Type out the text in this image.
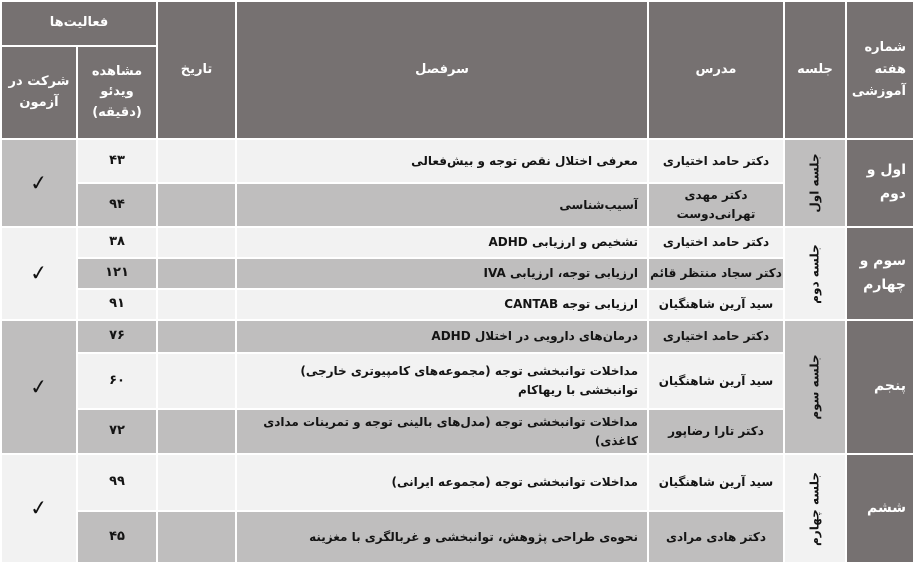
شماره هفته آموزشی	جلسه	مدرس	سرفصل	تاریخ	فعالیت‌ها	
					مشاهده ویدئو (دقیقه)	شرکت در آزمون
اول و دوم	جلسه اول	دکتر حامد اختیاری	معرفی اختلال نقص توجه و بیش‌فعالی		۴۳	✓
		دکتر مهدی تهرانی‌دوست	آسیب‌شناسی		۹۴	
سوم و چهارم	جلسه دوم	دکتر حامد اختیاری	تشخیص و ارزیابی ADHD		۳۸	✓
		دکتر سجاد منتظر قائم	ارزیابی توجه، ارزیابی IVA		۱۲۱	
		سید آرین شاهنگیان	ارزیابی توجه CANTAB		۹۱	
پنجم	جلسه سوم	دکتر حامد اختیاری	درمان‌های دارویی در اختلال ADHD		۷۶	✓
		سید آرین شاهنگیان	مداخلات توانبخشی توجه (مجموعه‌های کامپیوتری خارجی) توانبخشی با ریهاکام		۶۰	
		دکتر تارا رضاپور	مداخلات توانبخشی توجه (مدل‌های بالینی توجه و تمرینات مدادی کاغذی)		۷۲	
ششم	جلسه چهارم	سید آرین شاهنگیان	مداخلات توانبخشی توجه (مجموعه ایرانی)		۹۹	✓
		دکتر هادی مرادی	نحوه‌ی طراحی پژوهش، توانبخشی و غربالگری با مغزینه		۴۵	
